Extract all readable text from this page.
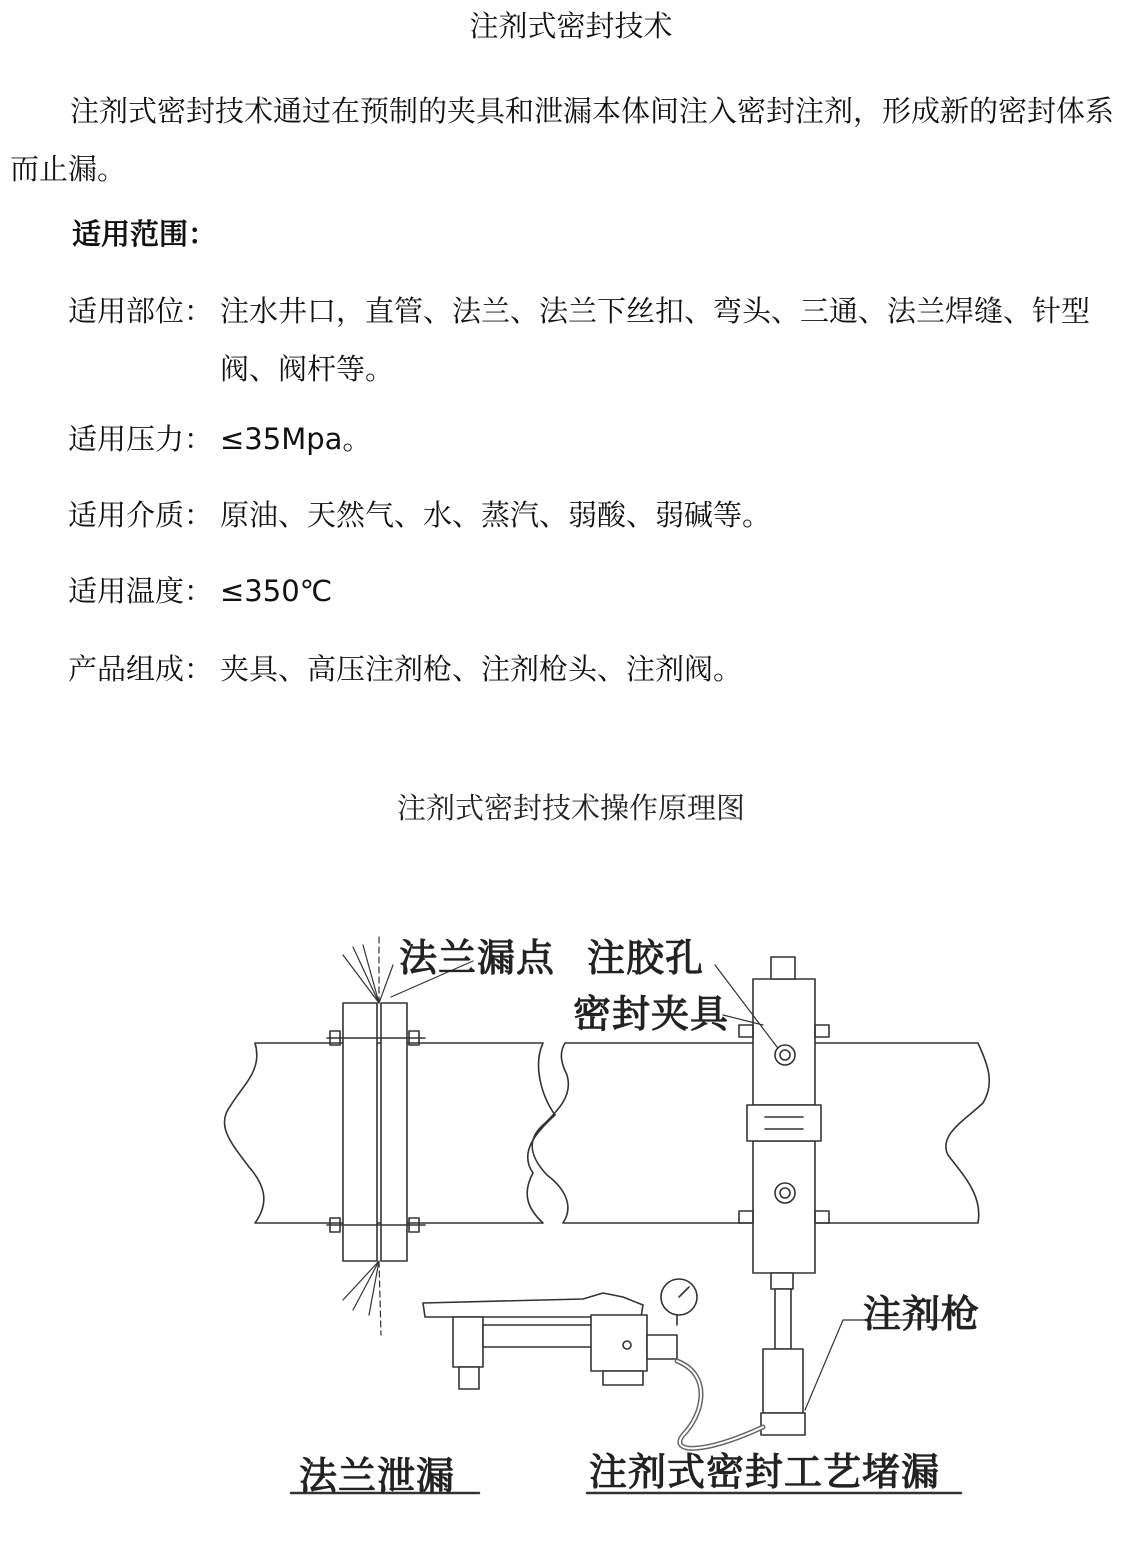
注剂式密封技术
注剂式密封技术通过在预制的夹具和泄漏本体间注入密封注剂，形成新的密封体系而止漏。
适用范围：
适用部位： 注水井口，直管、法兰、法兰下丝扣、弯头、三通、法兰焊缝、针型阀、阀杆等。
适用压力： ≤35Mpa。
适用介质： 原油、天然气、水、蒸汽、弱酸、弱碱等。
适用温度： ≤350℃
产品组成： 夹具、高压注剂枪、注剂枪头、注剂阀。
注剂式密封技术操作原理图
法兰漏点 注胶孔
密封夹具
注剂枪
法兰泄漏	注剂式密封工艺堵漏
